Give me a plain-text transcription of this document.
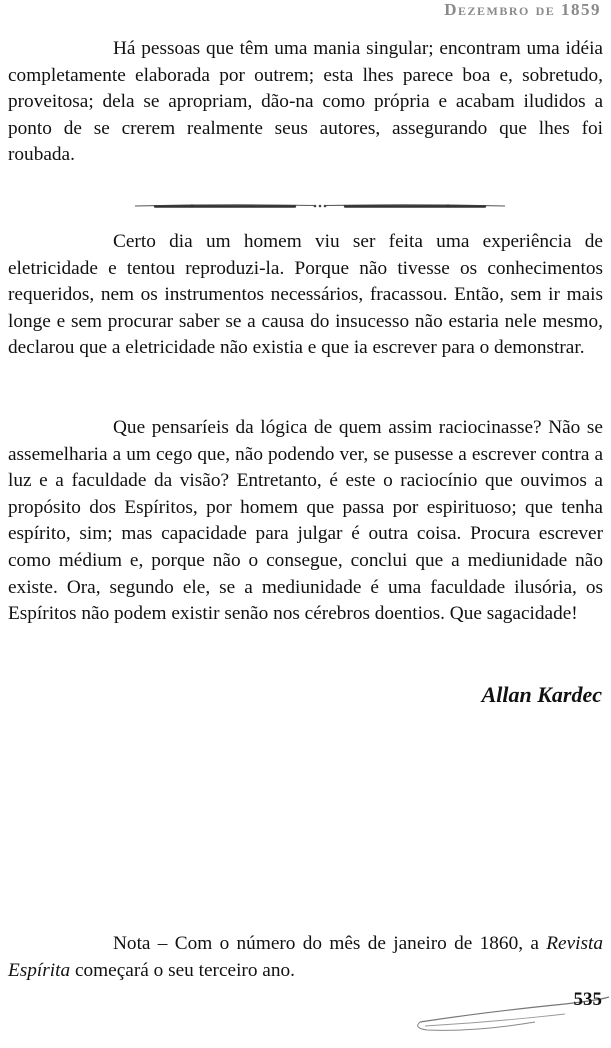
Dezembro de 1859

Há pessoas que têm uma mania singular; encontram uma idéia completamente elaborada por outrem; esta lhes parece boa e, sobretudo, proveitosa; dela se apropriam, dão-na como própria e acabam iludidos a ponto de se crerem realmente seus autores, assegurando que lhes foi roubada.

Certo dia um homem viu ser feita uma experiência de eletricidade e tentou reproduzi-la. Porque não tivesse os conhecimentos requeridos, nem os instrumentos necessários, fracassou. Então, sem ir mais longe e sem procurar saber se a causa do insucesso não estaria nele mesmo, declarou que a eletricidade não existia e que ia escrever para o demonstrar.

Que pensaríeis da lógica de quem assim raciocinasse? Não se assemelharia a um cego que, não podendo ver, se pusesse a escrever contra a luz e a faculdade da visão? Entretanto, é este o raciocínio que ouvimos a propósito dos Espíritos, por homem que passa por espirituoso; que tenha espírito, sim; mas capacidade para julgar é outra coisa. Procura escrever como médium e, porque não o consegue, conclui que a mediunidade não existe. Ora, segundo ele, se a mediunidade é uma faculdade ilusória, os Espíritos não podem existir senão nos cérebros doentios. Que sagacidade!

Allan Kardec

Nota – Com o número do mês de janeiro de 1860, a Revista Espírita começará o seu terceiro ano.

535
